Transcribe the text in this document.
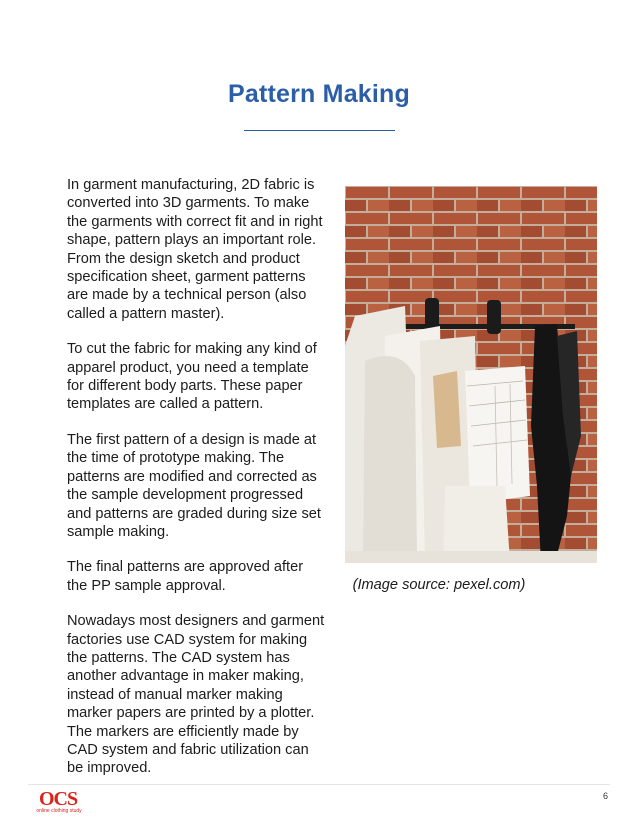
Pattern Making

In garment manufacturing, 2D fabric is converted into 3D garments. To make the garments with correct fit and in right shape, pattern plays an important role. From the design sketch and product specification sheet, garment patterns are made by a technical person (also called a pattern master).

To cut the fabric for making any kind of apparel product, you need a template for different body parts. These paper templates are called a pattern.

The first pattern of a design is made at the time of prototype making. The patterns are modified and corrected as the sample development progressed and patterns are graded during size set sample making.

The final patterns are approved after the PP sample approval.

Nowadays most designers and garment factories use CAD system for making the patterns. The CAD system has another advantage in maker making, instead of manual marker making marker papers are printed by a plotter. The markers are efficiently made by CAD system and fabric utilization can be improved.

(Image source: pexel.com)
OCS
online clothing study
6
